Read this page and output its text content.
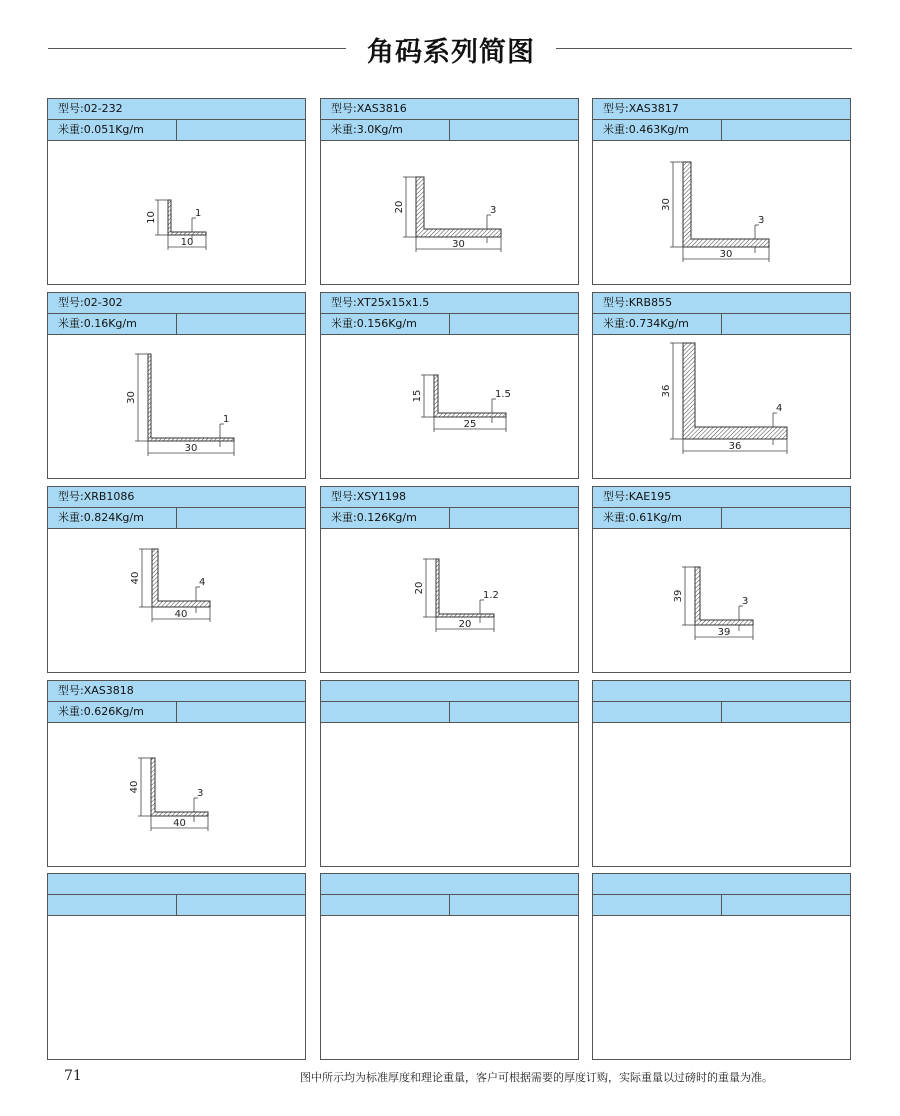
角码系列简图
型号:02-232
米重:0.051Kg/m
10
10
1
型号:XAS3816
米重:3.0Kg/m
20
30
3
型号:XAS3817
米重:0.463Kg/m
30
30
3
型号:02-302
米重:0.16Kg/m
30
30
1
型号:XT25x15x1.5
米重:0.156Kg/m
15
25
1.5
型号:KRB855
米重:0.734Kg/m
36
36
4
型号:XRB1086
米重:0.824Kg/m
40
40
4
型号:XSY1198
米重:0.126Kg/m
20
20
1.2
型号:KAE195
米重:0.61Kg/m
39
39
3
型号:XAS3818
米重:0.626Kg/m
40
40
3
71	图中所示均为标准厚度和理论重量，客户可根据需要的厚度订购，实际重量以过磅时的重量为准。
